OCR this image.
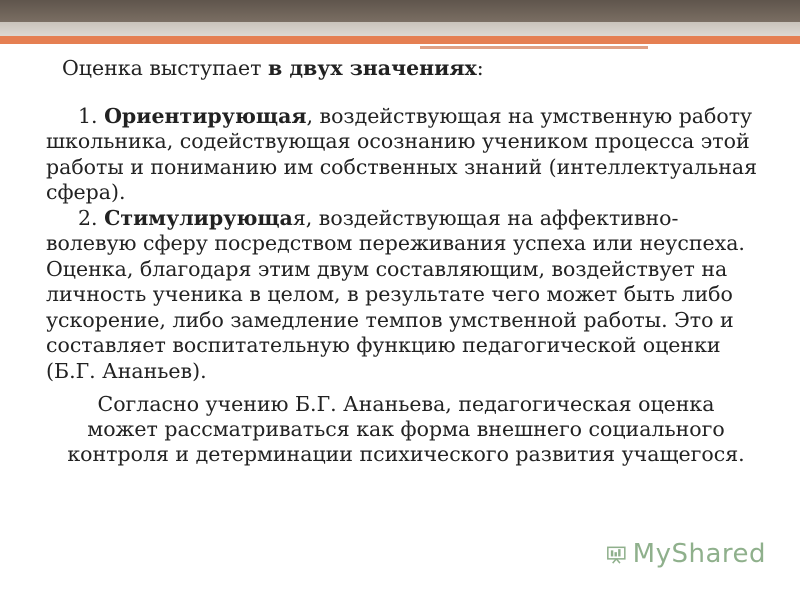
Оценка выступает в двух значениях:

1. Ориентирующая, воздействующая на умственную работу школьника, содействующая осознанию учеником процесса этой работы и пониманию им собственных знаний (интеллектуальная сфера).

2. Стимулирующая, воздействующая на аффективно-волевую сферу посредством переживания успеха или неуспеха. Оценка, благодаря этим двум составляющим, воздействует на личность ученика в целом, в результате чего может быть либо ускорение, либо замедление темпов умственной работы. Это и составляет воспитательную функцию педагогической оценки (Б.Г. Ананьев).

Согласно учению Б.Г. Ананьева, педагогическая оценка
может рассматриваться как форма внешнего социального контроля и детерминации психического развития учащегося.

MyShared
